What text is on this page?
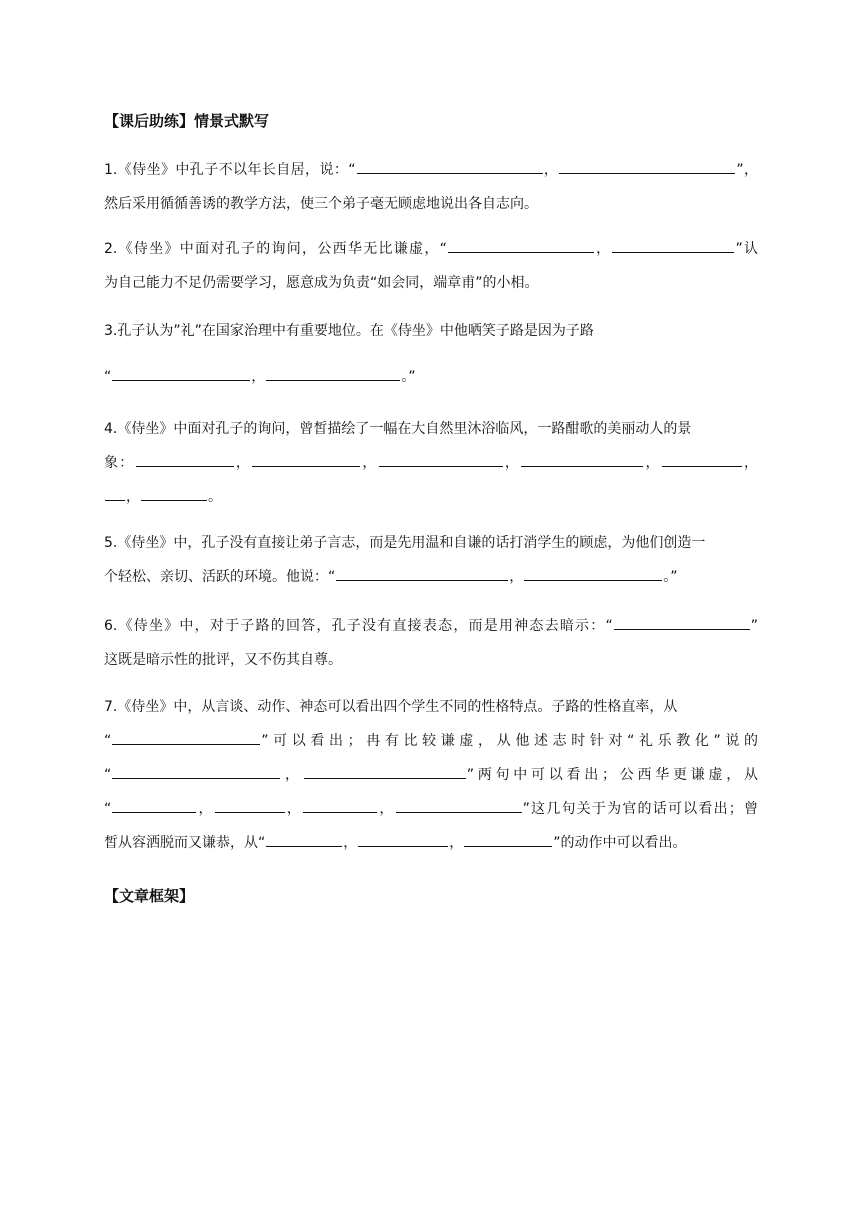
【课后助练】情景式默写
1.《侍坐》中孔子不以年长自居，说：“	，	”，
然后采用循循善诱的教学方法，使三个弟子毫无顾虑地说出各自志向。
2.《侍坐》中面对孔子的询问，公西华无比谦虚，“	，	”认
为自己能力不足仍需要学习，愿意成为负责“如会同，端章甫”的小相。
3.孔子认为”礼”在国家治理中有重要地位。在《侍坐》中他哂笑子路是因为子路
“	，	。”
4.《侍坐》中面对孔子的询问，曾皙描绘了一幅在大自然里沐浴临风，一路酣歌的美丽动人的景
象：	，	，	，	，	，
，	。
5.《侍坐》中，孔子没有直接让弟子言志，而是先用温和自谦的话打消学生的顾虑，为他们创造一
个轻松、亲切、活跃的环境。他说：“	，	。”
6.《侍坐》中，对于子路的回答，孔子没有直接表态，而是用神态去暗示：“	”
这既是暗示性的批评，又不伤其自尊。
7.《侍坐》中，从言谈、动作、神态可以看出四个学生不同的性格特点。子路的性格直率，从
“	”可以看出；冉有比较谦虚，从他述志时针对“礼乐教化”说的
“	，	”两句中可以看出；公西华更谦虚，从
“	，	，	，	”这几句关于为官的话可以看出；曾
皙从容洒脱而又谦恭，从“	，	，	”的动作中可以看出。
【文章框架】
